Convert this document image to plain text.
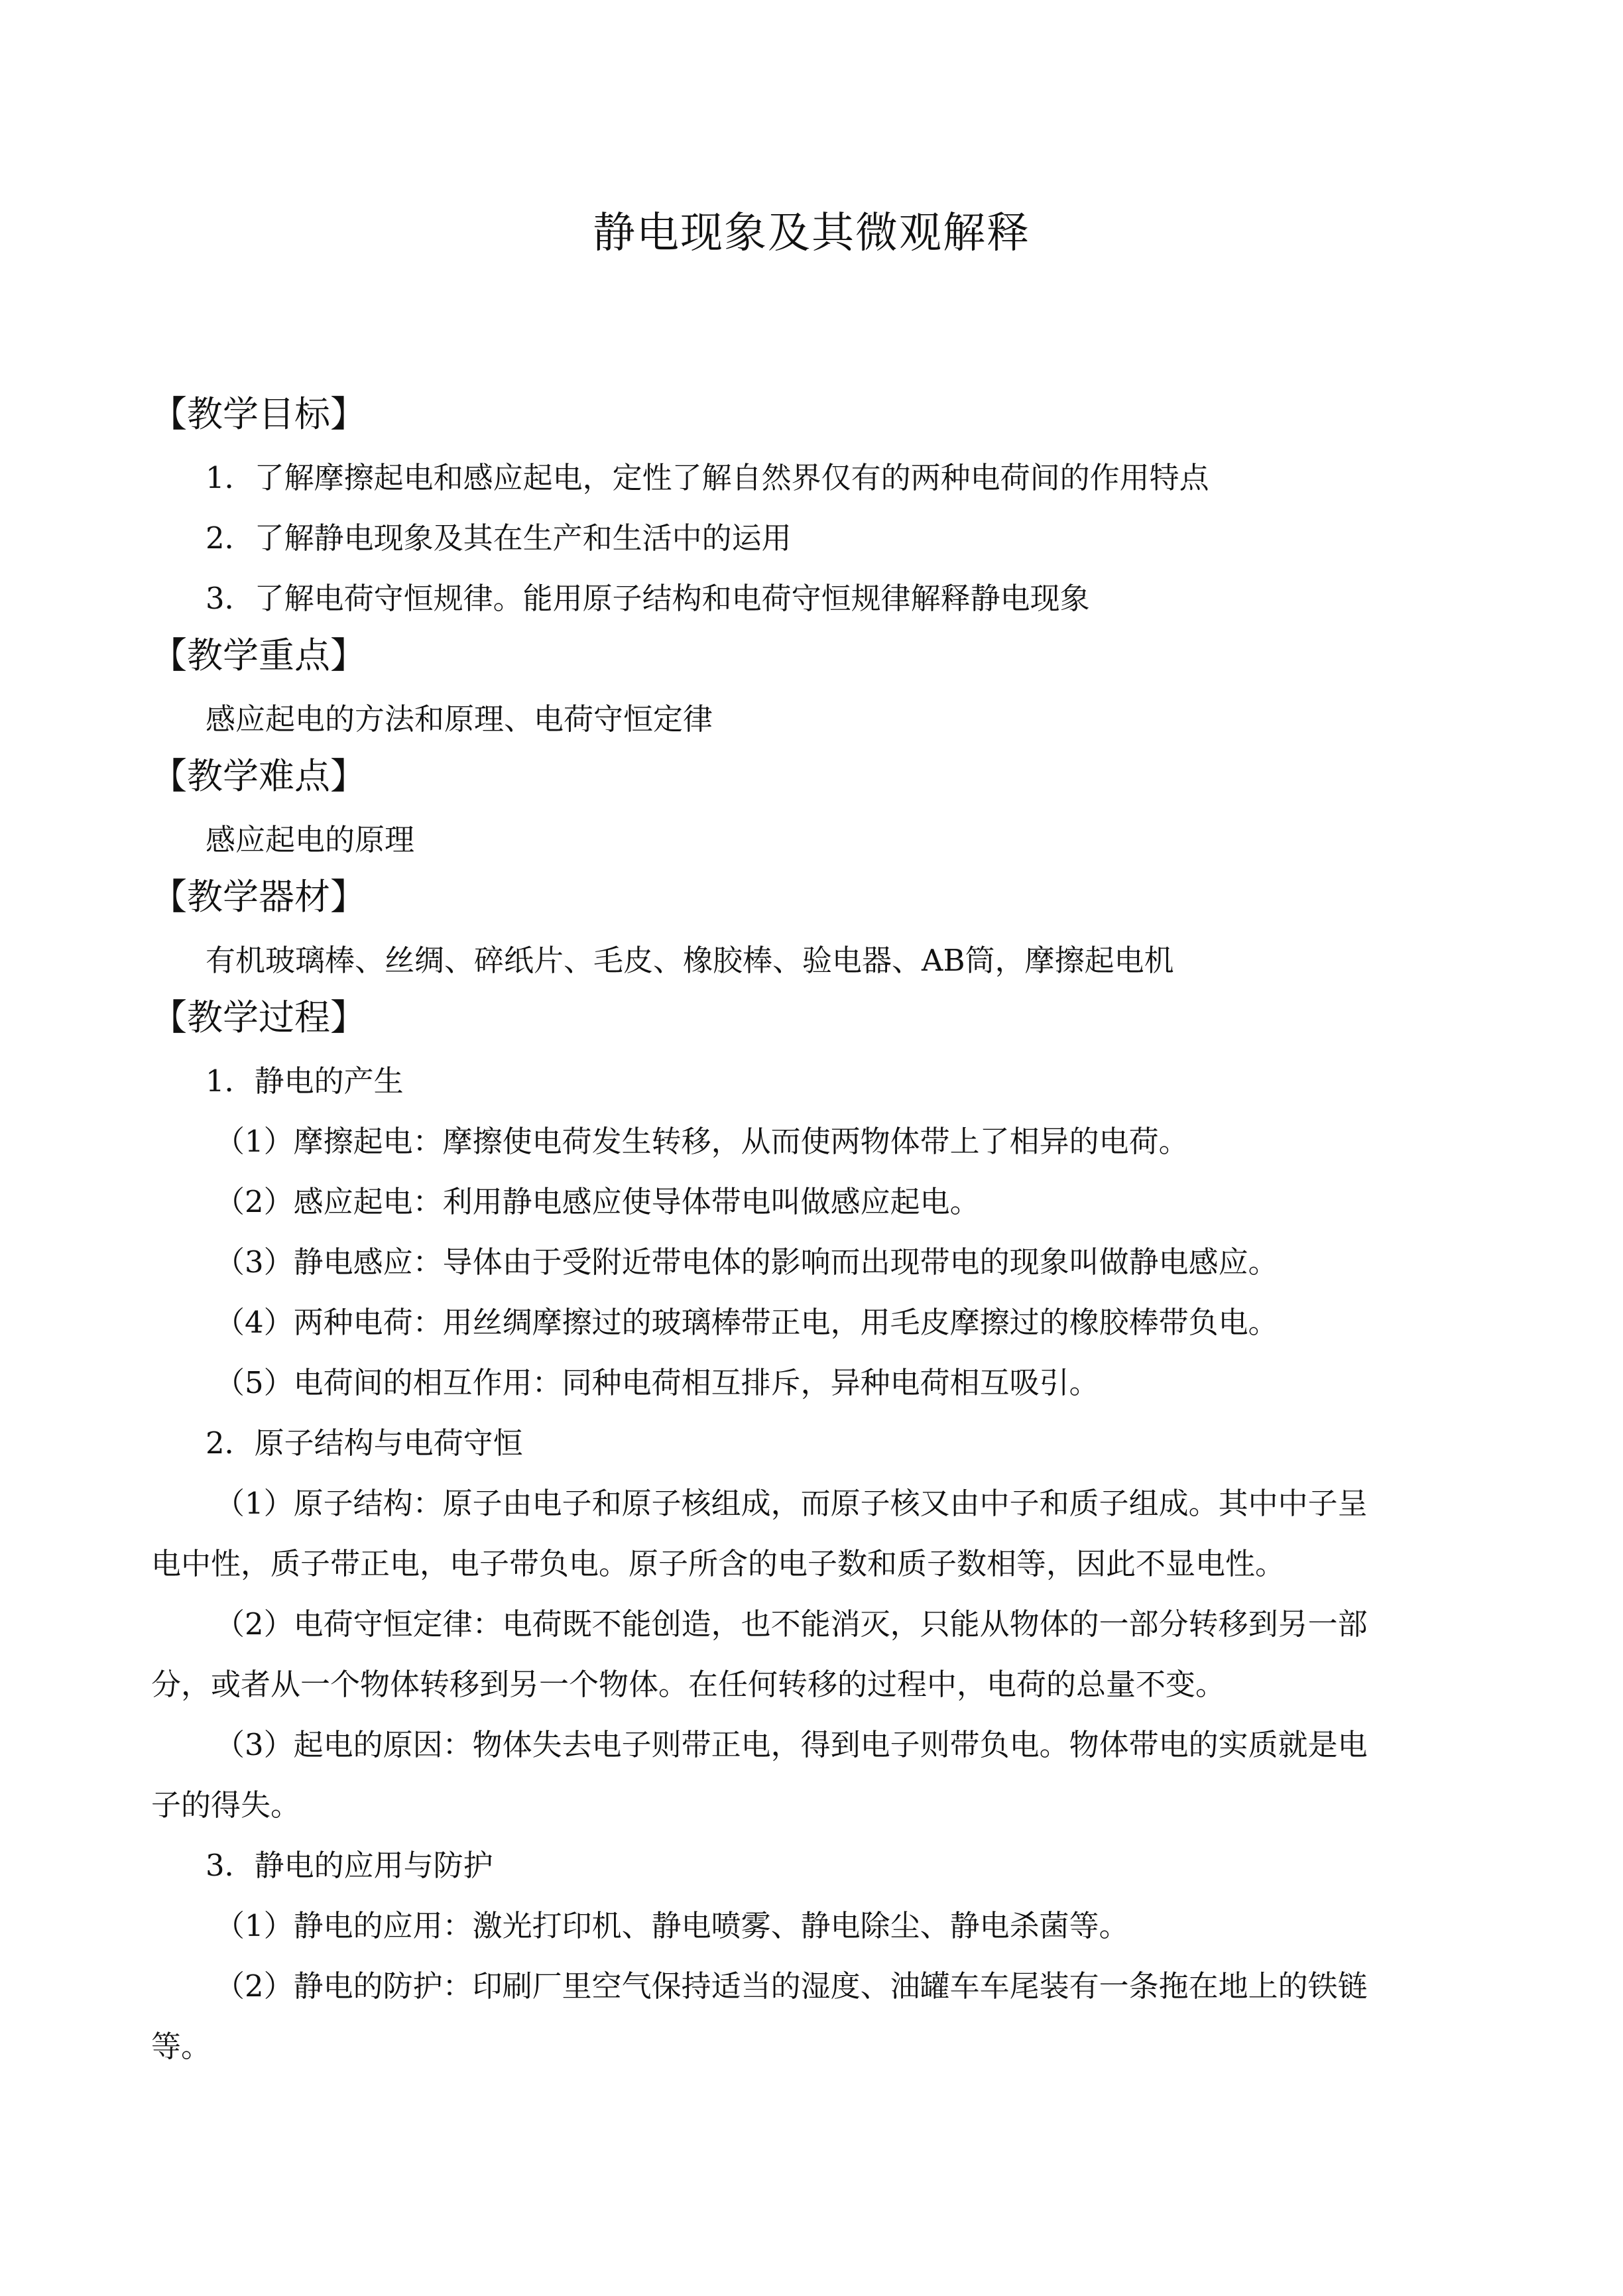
静电现象及其微观解释
【教学目标】
1．了解摩擦起电和感应起电，定性了解自然界仅有的两种电荷间的作用特点
2．了解静电现象及其在生产和生活中的运用
3．了解电荷守恒规律。能用原子结构和电荷守恒规律解释静电现象
【教学重点】
感应起电的方法和原理、电荷守恒定律
【教学难点】
感应起电的原理
【教学器材】
有机玻璃棒、丝绸、碎纸片、毛皮、橡胶棒、验电器、AB筒，摩擦起电机
【教学过程】
1．静电的产生
（1）摩擦起电：摩擦使电荷发生转移，从而使两物体带上了相异的电荷。
（2）感应起电：利用静电感应使导体带电叫做感应起电。
（3）静电感应：导体由于受附近带电体的影响而出现带电的现象叫做静电感应。
（4）两种电荷：用丝绸摩擦过的玻璃棒带正电，用毛皮摩擦过的橡胶棒带负电。
（5）电荷间的相互作用：同种电荷相互排斥，异种电荷相互吸引。
2．原子结构与电荷守恒
（1）原子结构：原子由电子和原子核组成，而原子核又由中子和质子组成。其中中子呈
电中性，质子带正电，电子带负电。原子所含的电子数和质子数相等，因此不显电性。
（2）电荷守恒定律：电荷既不能创造，也不能消灭，只能从物体的一部分转移到另一部
分，或者从一个物体转移到另一个物体。在任何转移的过程中，电荷的总量不变。
（3）起电的原因：物体失去电子则带正电，得到电子则带负电。物体带电的实质就是电
子的得失。
3．静电的应用与防护
（1）静电的应用：激光打印机、静电喷雾、静电除尘、静电杀菌等。
（2）静电的防护：印刷厂里空气保持适当的湿度、油罐车车尾装有一条拖在地上的铁链
等。
